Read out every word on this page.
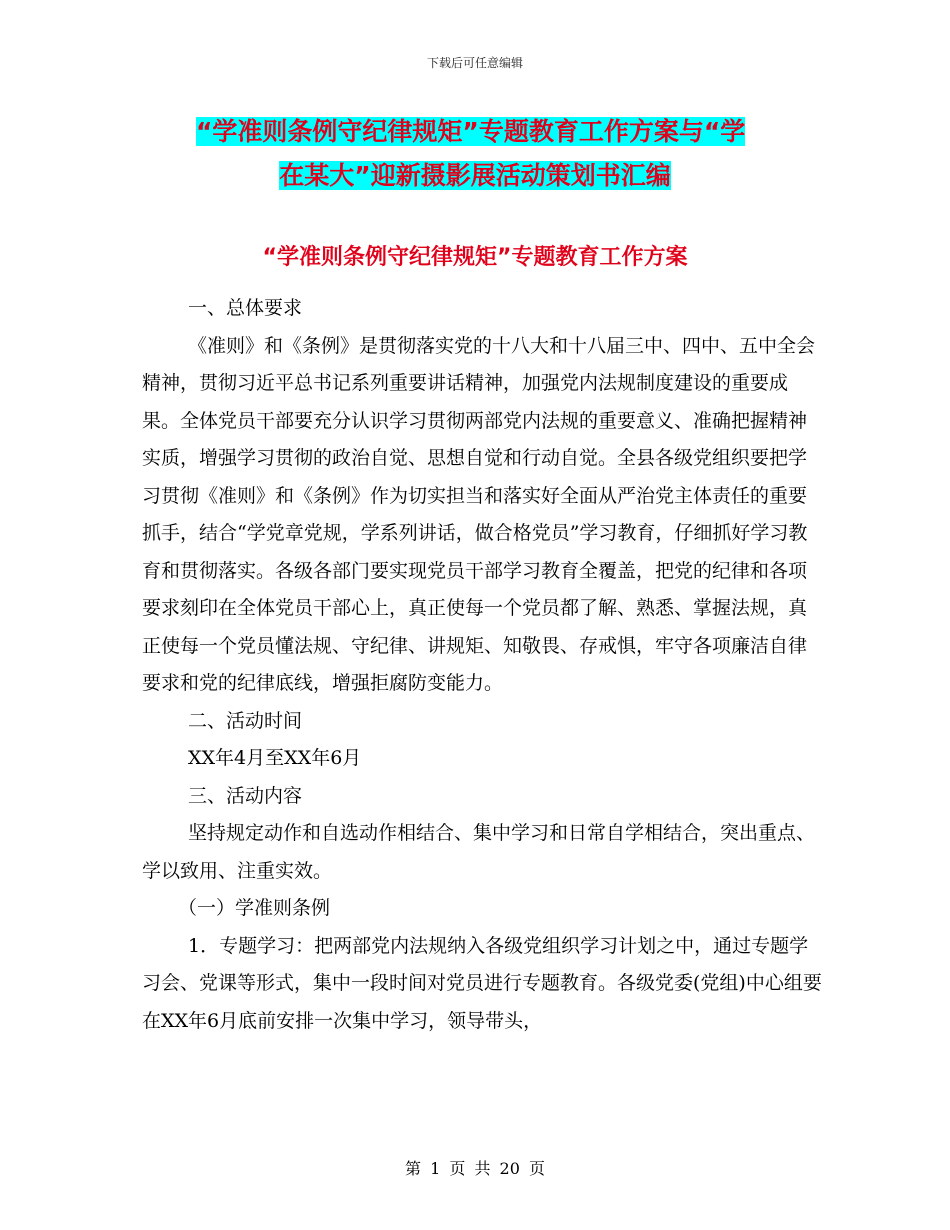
下载后可任意编辑
“学准则条例守纪律规矩”专题教育工作方案与“学
在某大”迎新摄影展活动策划书汇编
“学准则条例守纪律规矩”专题教育工作方案

一、总体要求

《准则》和《条例》是贯彻落实党的十八大和十八届三中、四中、五中全会精神，贯彻习近平总书记系列重要讲话精神，加强党内法规制度建设的重要成果。全体党员干部要充分认识学习贯彻两部党内法规的重要意义、准确把握精神实质，增强学习贯彻的政治自觉、思想自觉和行动自觉。全县各级党组织要把学习贯彻《准则》和《条例》作为切实担当和落实好全面从严治党主体责任的重要抓手，结合“学党章党规，学系列讲话，做合格党员”学习教育，仔细抓好学习教育和贯彻落实。各级各部门要实现党员干部学习教育全覆盖，把党的纪律和各项要求刻印在全体党员干部心上，真正使每一个党员都了解、熟悉、掌握法规，真正使每一个党员懂法规、守纪律、讲规矩、知敬畏、存戒惧，牢守各项廉洁自律要求和党的纪律底线，增强拒腐防变能力。

二、活动时间

XX年4月至XX年6月

三、活动内容

坚持规定动作和自选动作相结合、集中学习和日常自学相结合，突出重点、学以致用、注重实效。

（一）学准则条例

1．专题学习：把两部党内法规纳入各级党组织学习计划之中，通过专题学习会、党课等形式，集中一段时间对党员进行专题教育。各级党委(党组)中心组要在XX年6月底前安排一次集中学习，领导带头，

第 1 页 共 20 页
